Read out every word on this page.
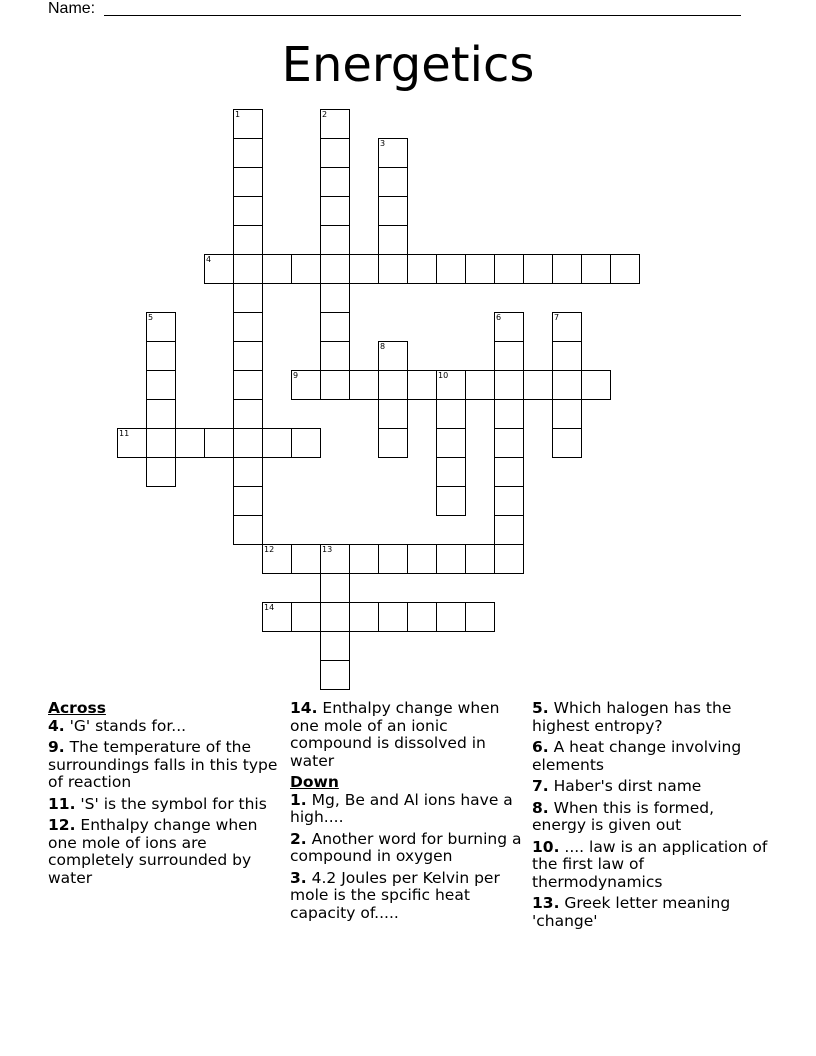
Name:
Energetics
1	2
3
4
5	6	7
8
9	10
11
12	13
14
Across
4. 'G' stands for...
9. The temperature of the surroundings falls in this type of reaction
11. 'S' is the symbol for this
12. Enthalpy change when one mole of ions are completely surrounded by water
14. Enthalpy change when one mole of an ionic compound is dissolved in water
Down
1. Mg, Be and Al ions have a high....
2. Another word for burning a compound in oxygen
3. 4.2 Joules per Kelvin per mole is the spcific heat capacity of.....
5. Which halogen has the highest entropy?
6. A heat change involving elements
7. Haber's dirst name
8. When this is formed, energy is given out
10. .... law is an application of the first law of thermodynamics
13. Greek letter meaning 'change'
